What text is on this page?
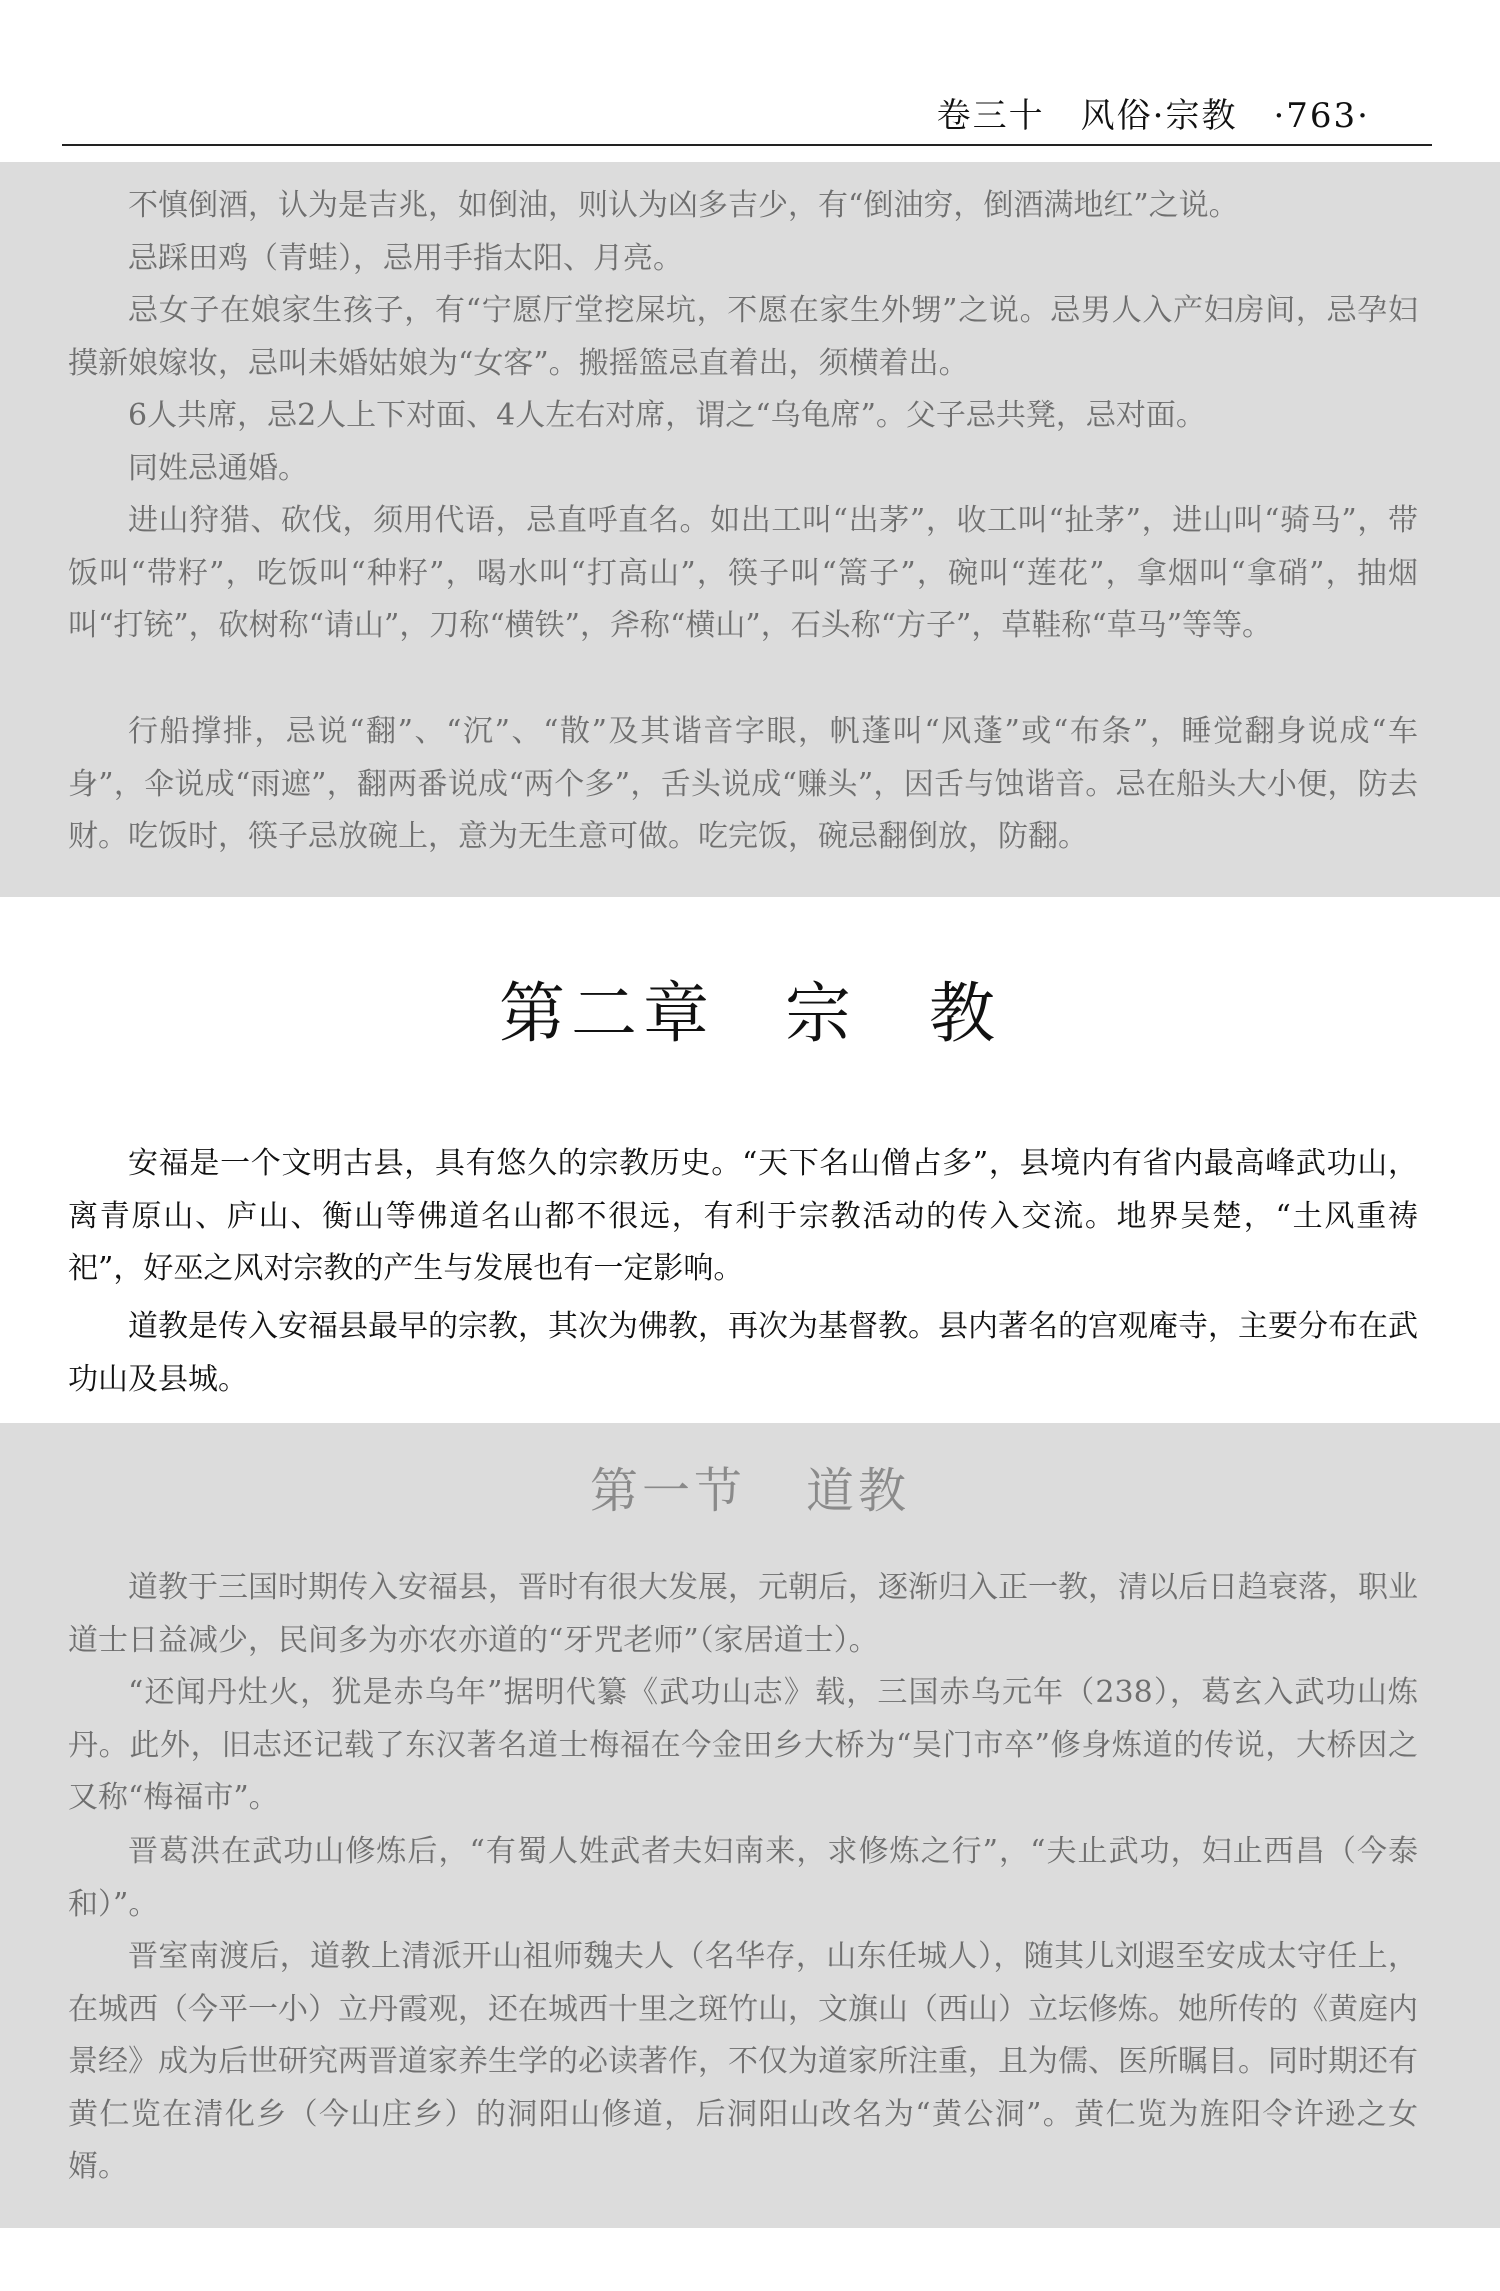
卷三十　风俗·宗教　·763·

不慎倒酒，认为是吉兆，如倒油，则认为凶多吉少，有“倒油穷，倒酒满地红”之说。

忌踩田鸡（青蛙），忌用手指太阳、月亮。

忌女子在娘家生孩子，有“宁愿厅堂挖屎坑，不愿在家生外甥”之说。忌男人入产妇房间，忌孕妇摸新娘嫁妆，忌叫未婚姑娘为“女客”。搬摇篮忌直着出，须横着出。

6人共席，忌2人上下对面、4人左右对席，谓之“乌龟席”。父子忌共凳，忌对面。

同姓忌通婚。

进山狩猎、砍伐，须用代语，忌直呼直名。如出工叫“出茅”，收工叫“扯茅”，进山叫“骑马”，带饭叫“带籽”，吃饭叫“种籽”，喝水叫“打高山”，筷子叫“篙子”，碗叫“莲花”，拿烟叫“拿硝”，抽烟叫“打铳”，砍树称“请山”，刀称“横铁”，斧称“横山”，石头称“方子”，草鞋称“草马”等等。

行船撑排，忌说“翻”、“沉”、“散”及其谐音字眼，帆蓬叫“风蓬”或“布条”，睡觉翻身说成“车身”，伞说成“雨遮”，翻两番说成“两个多”，舌头说成“赚头”，因舌与蚀谐音。忌在船头大小便，防去财。吃饭时，筷子忌放碗上，意为无生意可做。吃完饭，碗忌翻倒放，防翻。

第二章 宗　教

安福是一个文明古县，具有悠久的宗教历史。“天下名山僧占多”，县境内有省内最高峰武功山，离青原山、庐山、衡山等佛道名山都不很远，有利于宗教活动的传入交流。地界吴楚，“土风重祷祀”，好巫之风对宗教的产生与发展也有一定影响。

道教是传入安福县最早的宗教，其次为佛教，再次为基督教。县内著名的宫观庵寺，主要分布在武功山及县城。

第一节 道教

道教于三国时期传入安福县，晋时有很大发展，元朝后，逐渐归入正一教，清以后日趋衰落，职业道士日益减少，民间多为亦农亦道的“牙咒老师”（家居道士）。

“还闻丹灶火，犹是赤乌年”据明代纂《武功山志》载，三国赤乌元年（238），葛玄入武功山炼丹。此外，旧志还记载了东汉著名道士梅福在今金田乡大桥为“吴门市卒”修身炼道的传说，大桥因之又称“梅福市”。

晋葛洪在武功山修炼后，“有蜀人姓武者夫妇南来，求修炼之行”，“夫止武功，妇止西昌（今泰和）”。

晋室南渡后，道教上清派开山祖师魏夫人（名华存，山东任城人），随其儿刘遐至安成太守任上，在城西（今平一小）立丹霞观，还在城西十里之斑竹山，文旗山（西山）立坛修炼。她所传的《黄庭内景经》成为后世研究两晋道家养生学的必读著作，不仅为道家所注重，且为儒、医所瞩目。同时期还有黄仁览在清化乡（今山庄乡）的洞阳山修道，后洞阳山改名为“黄公洞”。黄仁览为旌阳令许逊之女婿。
